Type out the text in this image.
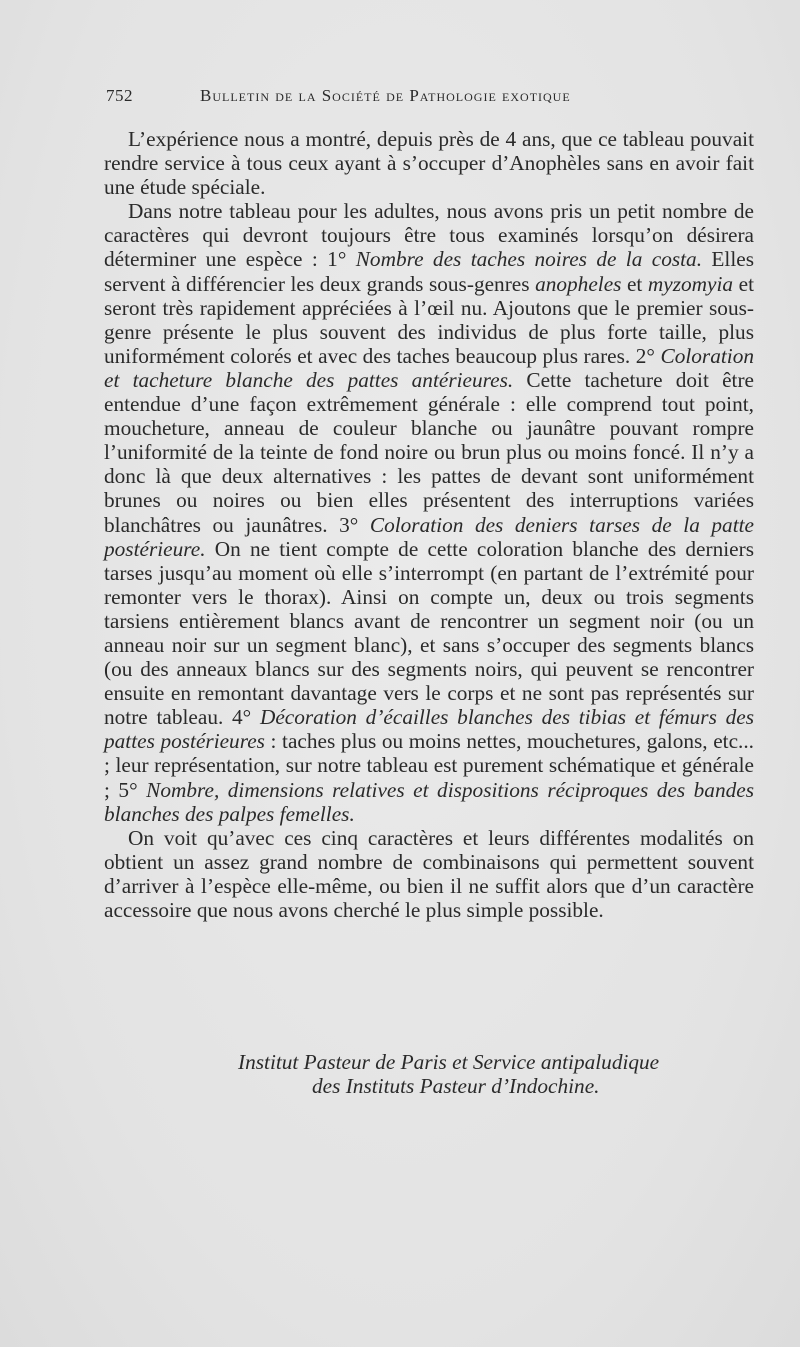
752	Bulletin de la Société de Pathologie exotique

L’expérience nous a montré, depuis près de 4 ans, que ce tableau pouvait rendre service à tous ceux ayant à s’occuper d’Anophèles sans en avoir fait une étude spéciale.

Dans notre tableau pour les adultes, nous avons pris un petit nombre de caractères qui devront toujours être tous examinés lorsqu’on désirera déterminer une espèce : 1° Nombre des taches noires de la costa. Elles servent à différencier les deux grands sous-genres anopheles et myzomyia et seront très rapidement appréciées à l’œil nu. Ajoutons que le premier sous-genre présente le plus souvent des individus de plus forte taille, plus uniformément colorés et avec des taches beaucoup plus rares. 2° Coloration et tacheture blanche des pattes antérieures. Cette tacheture doit être entendue d’une façon extrêmement générale : elle comprend tout point, moucheture, anneau de couleur blanche ou jaunâtre pouvant rompre l’uniformité de la teinte de fond noire ou brun plus ou moins foncé. Il n’y a donc là que deux alternatives : les pattes de devant sont uniformément brunes ou noires ou bien elles présentent des interruptions variées blanchâtres ou jaunâtres. 3° Coloration des deniers tarses de la patte postérieure. On ne tient compte de cette coloration blanche des derniers tarses jusqu’au moment où elle s’interrompt (en partant de l’extrémité pour remonter vers le thorax). Ainsi on compte un, deux ou trois segments tarsiens entièrement blancs avant de rencontrer un segment noir (ou un anneau noir sur un segment blanc), et sans s’occuper des segments blancs (ou des anneaux blancs sur des segments noirs, qui peuvent se rencontrer ensuite en remontant davantage vers le corps et ne sont pas représentés sur notre tableau. 4° Décoration d’écailles blanches des tibias et fémurs des pattes postérieures : taches plus ou moins nettes, mouchetures, galons, etc... ; leur représentation, sur notre tableau est purement schématique et générale ; 5° Nombre, dimensions relatives et dispositions réciproques des bandes blanches des palpes femelles.

On voit qu’avec ces cinq caractères et leurs différentes modalités on obtient un assez grand nombre de combinaisons qui permettent souvent d’arriver à l’espèce elle-même, ou bien il ne suffit alors que d’un caractère accessoire que nous avons cherché le plus simple possible.

Institut Pasteur de Paris et Service antipaludique
des Instituts Pasteur d’Indochine.
